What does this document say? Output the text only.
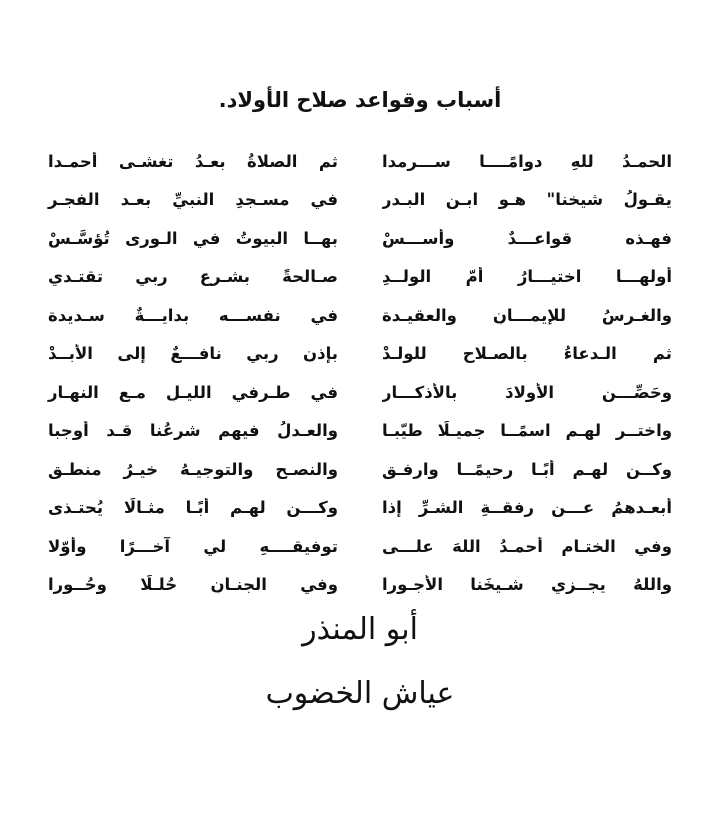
أسباب وقواعد صلاح الأولاد.
الحمـدُ للهِ دوامًــــا ســـرمدا
ثم الصلاةُ بعـدُ تغشـى أحمـدا
يقـولُ شيخنا" هـو ابـن البـدرِ
في مسـجدِ النبيِّ بعـد الفجـرِ
فهـذه قواعـــدٌ وأســـسْ
بهــا البيوتُ في الـورى تُؤسَّـسْ
أولهـــا اختيـــارُ أمّ الولــدِ
صـالحةً بشـرعِ ربي تقتـدي
والغـرسُ للإيمـــانِ والعقيـدة
في نفســـه بدايـــةٌ سـديدة
ثم الـدعاءُ بالصـلاحِ للولـدْ
بإذن ربي نافـــعٌ إلى الأبــدْ
وحَصِّـــنِ الأولادَ بالأذكـــارِ
في طـرفي الليـلِ مـع النهـارِ
واختــر لهـم اسمًــا جميـلًا طيّبـا
والعـدلُ فيهم شرعُنا قـد أوجبا
وكــن لهـم أبًـا رحيمًــا وارفـقِ
والنصـحِ والتوجيـهُ خيـرُ منطـقِ
أبعـدهمُ عـــن رفقــةِ الشـرِّ إذا
وكـــن لهـم أبًـا مثـالًا يُحتـذى
وفي الختـامِ أحمـدُ اللهَ علـــى
توفيقــــهِ لي آخـــرًا وأوّلا
واللهُ يجــزي شـيخَنا الأجـورا
وفي الجنـانِ حُلـلًا وحُــورا
أبو المنذر
عياش الخضوب
